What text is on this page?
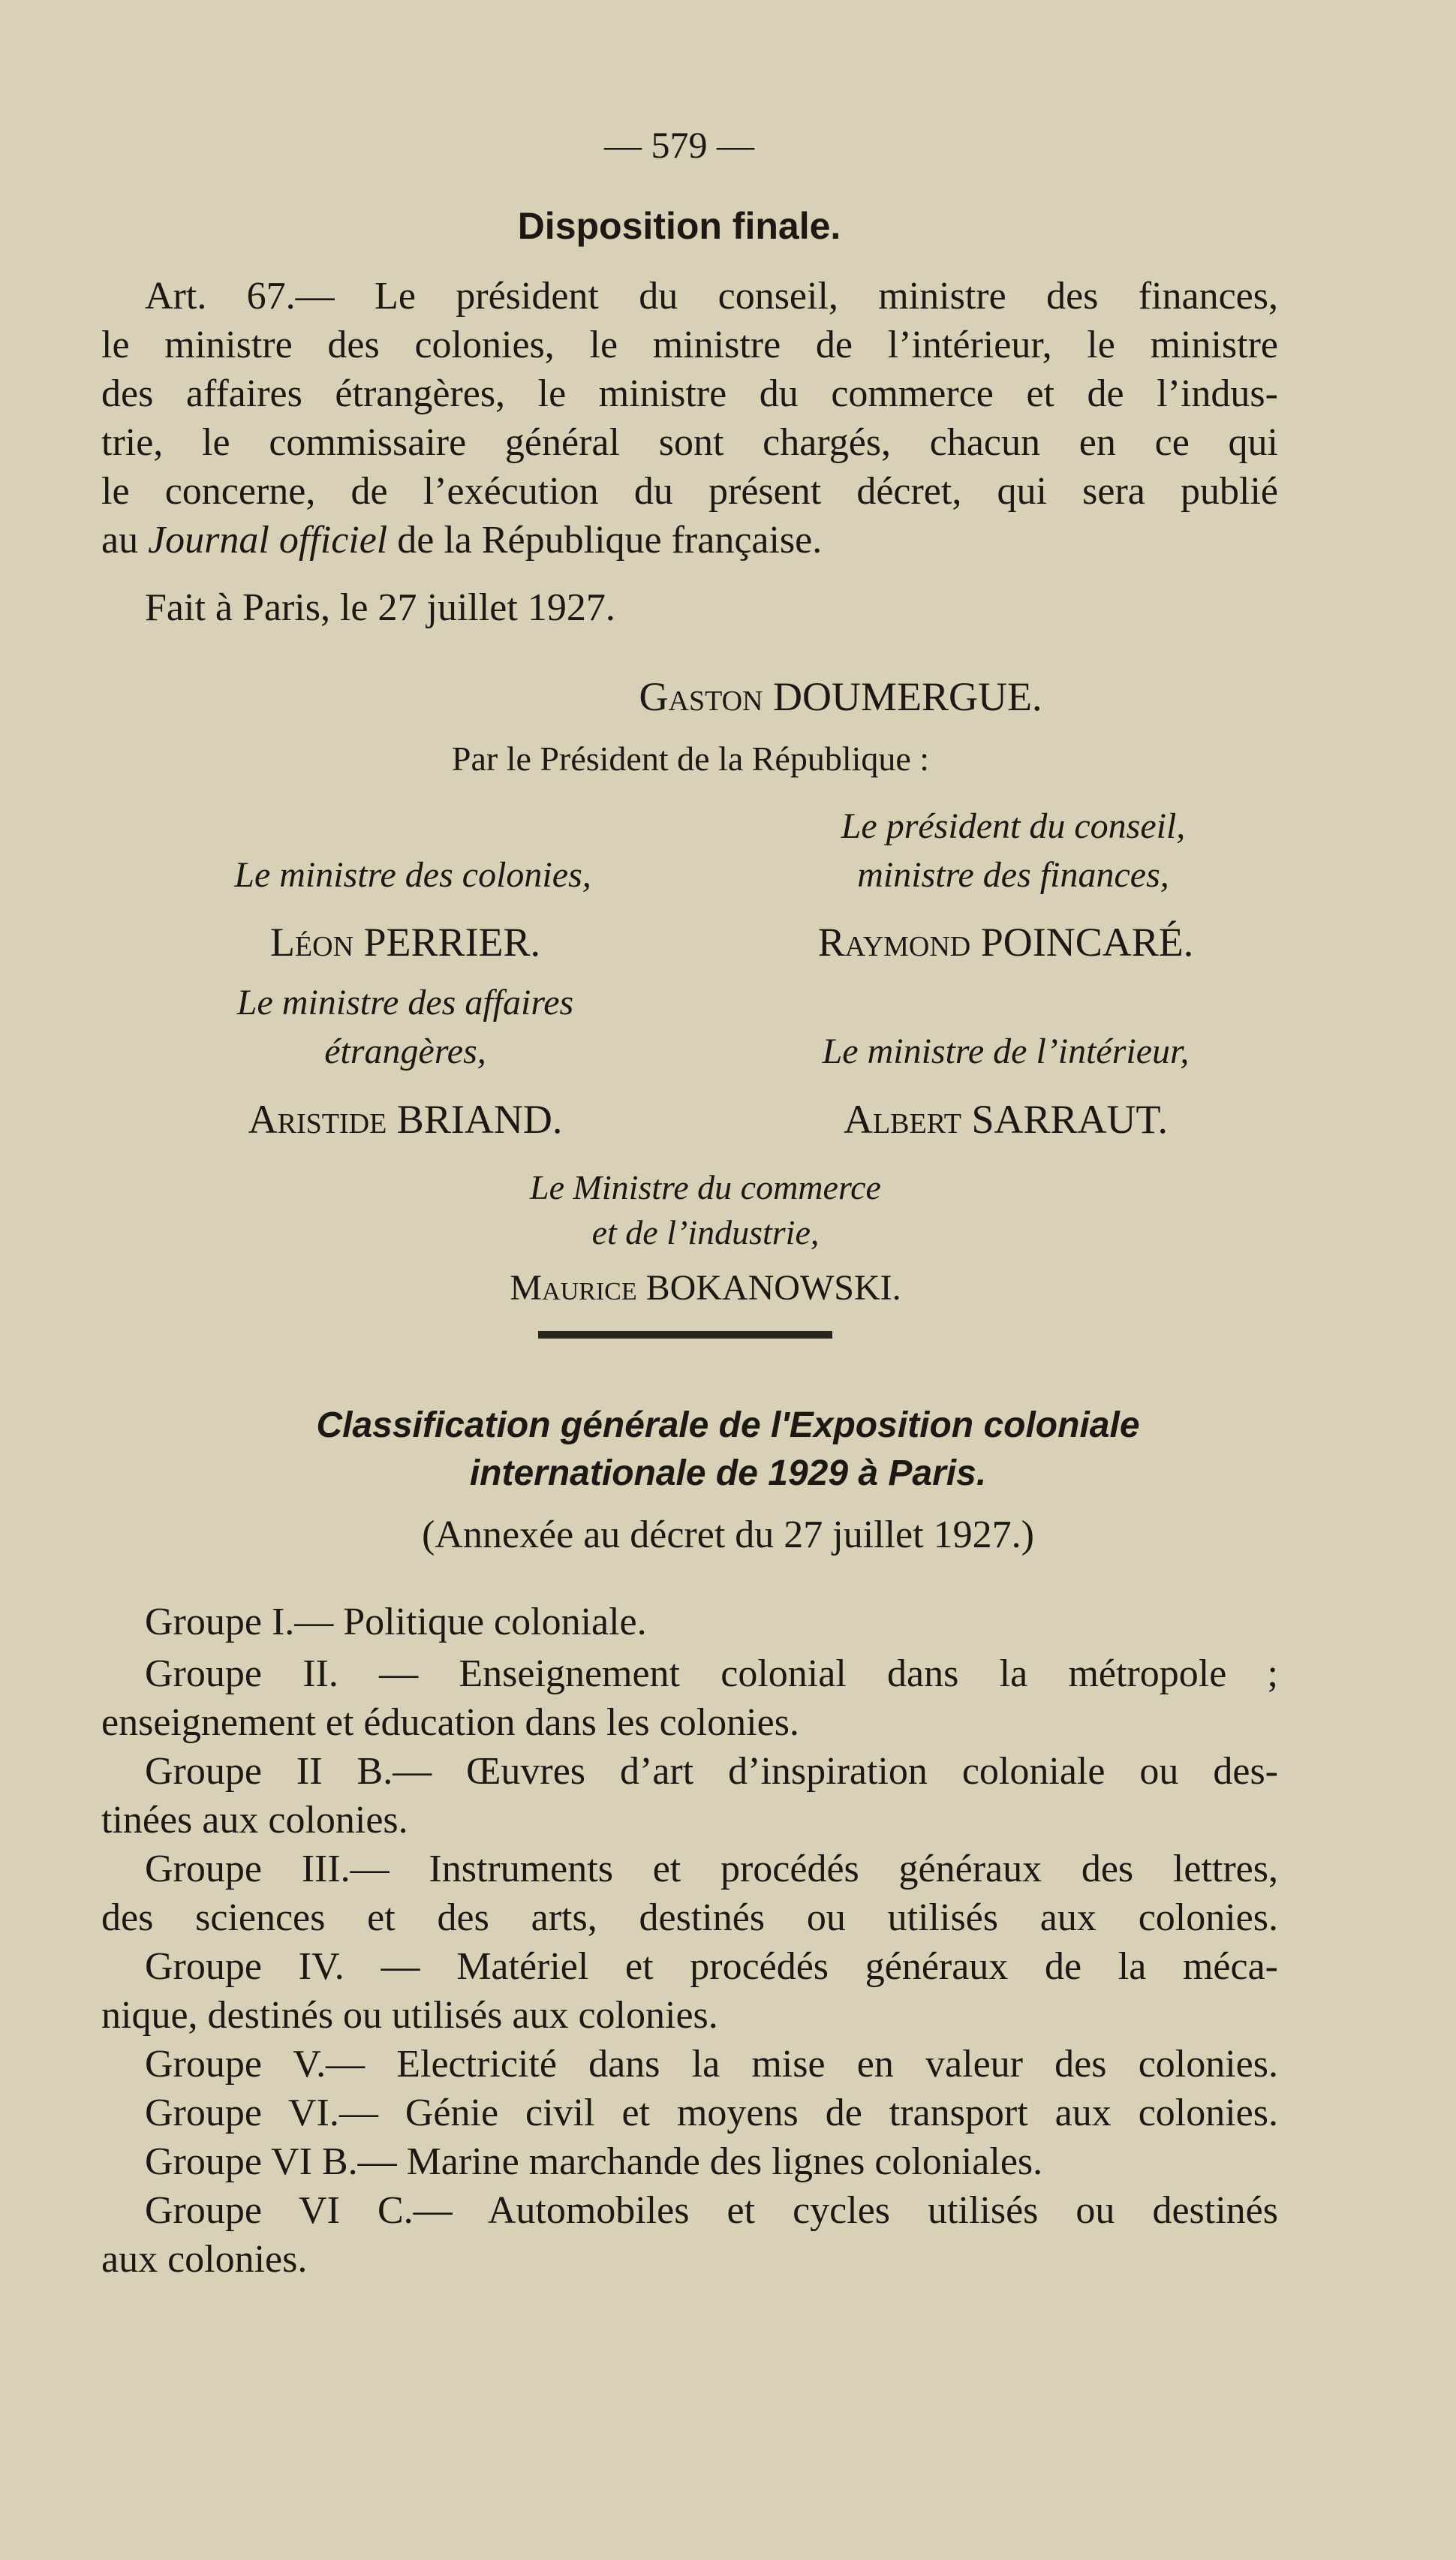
— 579 —
Disposition finale.
Art. 67.— Le président du conseil, ministre des finances,
le ministre des colonies, le ministre de l’intérieur, le ministre
des affaires étrangères, le ministre du commerce et de l’indus-
trie, le commissaire général sont chargés, chacun en ce qui
le concerne, de l’exécution du présent décret, qui sera publié
au Journal officiel de la République française.
Fait à Paris, le 27 juillet 1927.
Gaston DOUMERGUE.
Par le Président de la République :
Le président du conseil,
ministre des finances,
Le ministre des colonies,
Léon PERRIER.	Raymond POINCARÉ.
Le ministre des affaires
étrangères,	Le ministre de l’intérieur,
Aristide BRIAND.	Albert SARRAUT.
Le Ministre du commerce
et de l’industrie,
Maurice BOKANOWSKI.
Classification générale de l'Exposition coloniale
internationale de 1929 à Paris.
(Annexée au décret du 27 juillet 1927.)
Groupe I.— Politique coloniale.
Groupe II. — Enseignement colonial dans la métropole ;
enseignement et éducation dans les colonies.
Groupe II B.— Œuvres d’art d’inspiration coloniale ou des-
tinées aux colonies.
Groupe III.— Instruments et procédés généraux des lettres,
des sciences et des arts, destinés ou utilisés aux colonies.
Groupe IV. — Matériel et procédés généraux de la méca-
nique, destinés ou utilisés aux colonies.
Groupe V.— Electricité dans la mise en valeur des colonies.
Groupe VI.— Génie civil et moyens de transport aux colonies.
Groupe VI B.— Marine marchande des lignes coloniales.
Groupe VI C.— Automobiles et cycles utilisés ou destinés
aux colonies.
